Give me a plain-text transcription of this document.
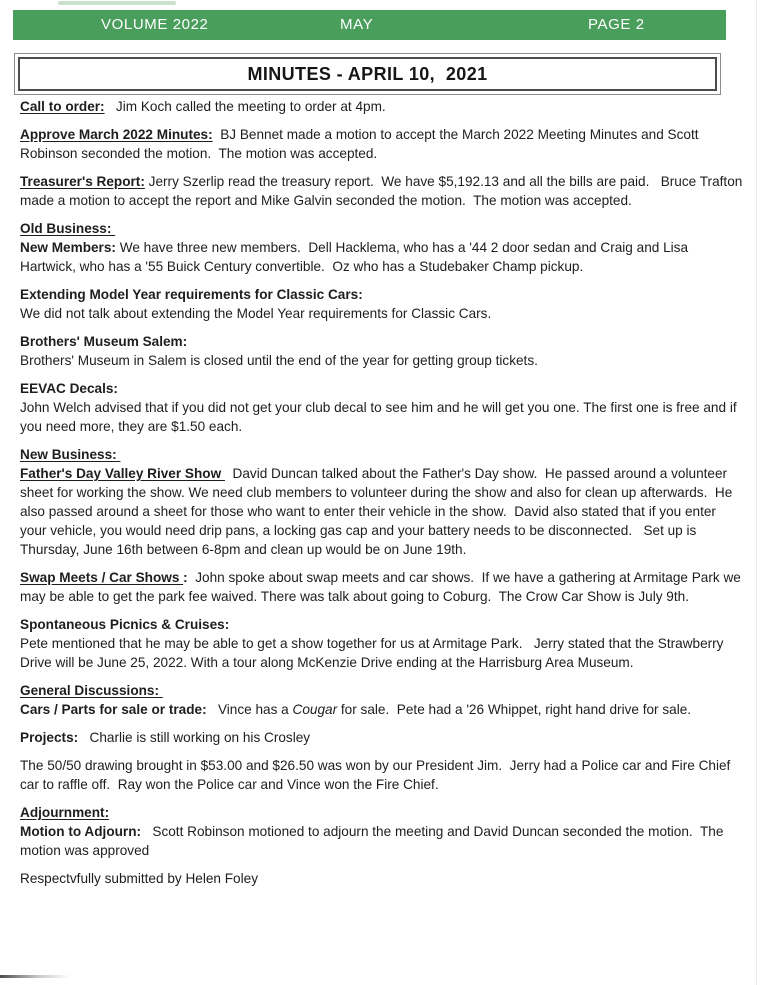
VOLUME 2022	MAY	PAGE 2
MINUTES - APRIL 10,  2021

Call to order:   Jim Koch called the meeting to order at 4pm.

Approve March 2022 Minutes:  BJ Bennet made a motion to accept the March 2022 Meeting Minutes and Scott Robinson seconded the motion.  The motion was accepted.

Treasurer's Report: Jerry Szerlip read the treasury report.  We have $5,192.13 and all the bills are paid.   Bruce Trafton made a motion to accept the report and Mike Galvin seconded the motion.  The motion was accepted.

Old Business:
New Members: We have three new members.  Dell Hacklema, who has a '44 2 door sedan and Craig and Lisa Hartwick, who has a '55 Buick Century convertible.  Oz who has a Studebaker Champ pickup.

Extending Model Year requirements for Classic Cars:
We did not talk about extending the Model Year requirements for Classic Cars.

Brothers' Museum Salem:
Brothers' Museum in Salem is closed until the end of the year for getting group tickets.

EEVAC Decals:
John Welch advised that if you did not get your club decal to see him and he will get you one. The first one is free and if you need more, they are $1.50 each.

New Business:
Father's Day Valley River Show   David Duncan talked about the Father's Day show.  He passed around a volunteer sheet for working the show. We need club members to volunteer during the show and also for clean up afterwards.  He also passed around a sheet for those who want to enter their vehicle in the show.  David also stated that if you enter your vehicle, you would need drip pans, a locking gas cap and your battery needs to be disconnected.   Set up is Thursday, June 16th between 6-8pm and clean up would be on June 19th.

Swap Meets / Car Shows :  John spoke about swap meets and car shows.  If we have a gathering at Armitage Park we may be able to get the park fee waived. There was talk about going to Coburg.  The Crow Car Show is July 9th.

Spontaneous Picnics & Cruises:
Pete mentioned that he may be able to get a show together for us at Armitage Park.   Jerry stated that the Strawberry Drive will be June 25, 2022. With a tour along McKenzie Drive ending at the Harrisburg Area Museum.

General Discussions:
Cars / Parts for sale or trade:   Vince has a Cougar for sale.  Pete had a '26 Whippet, right hand drive for sale.

Projects:   Charlie is still working on his Crosley

The 50/50 drawing brought in $53.00 and $26.50 was won by our President Jim.  Jerry had a Police car and Fire Chief car to raffle off.  Ray won the Police car and Vince won the Fire Chief.

Adjournment:
Motion to Adjourn:   Scott Robinson motioned to adjourn the meeting and David Duncan seconded the motion.  The motion was approved

Respectvfully submitted by Helen Foley
